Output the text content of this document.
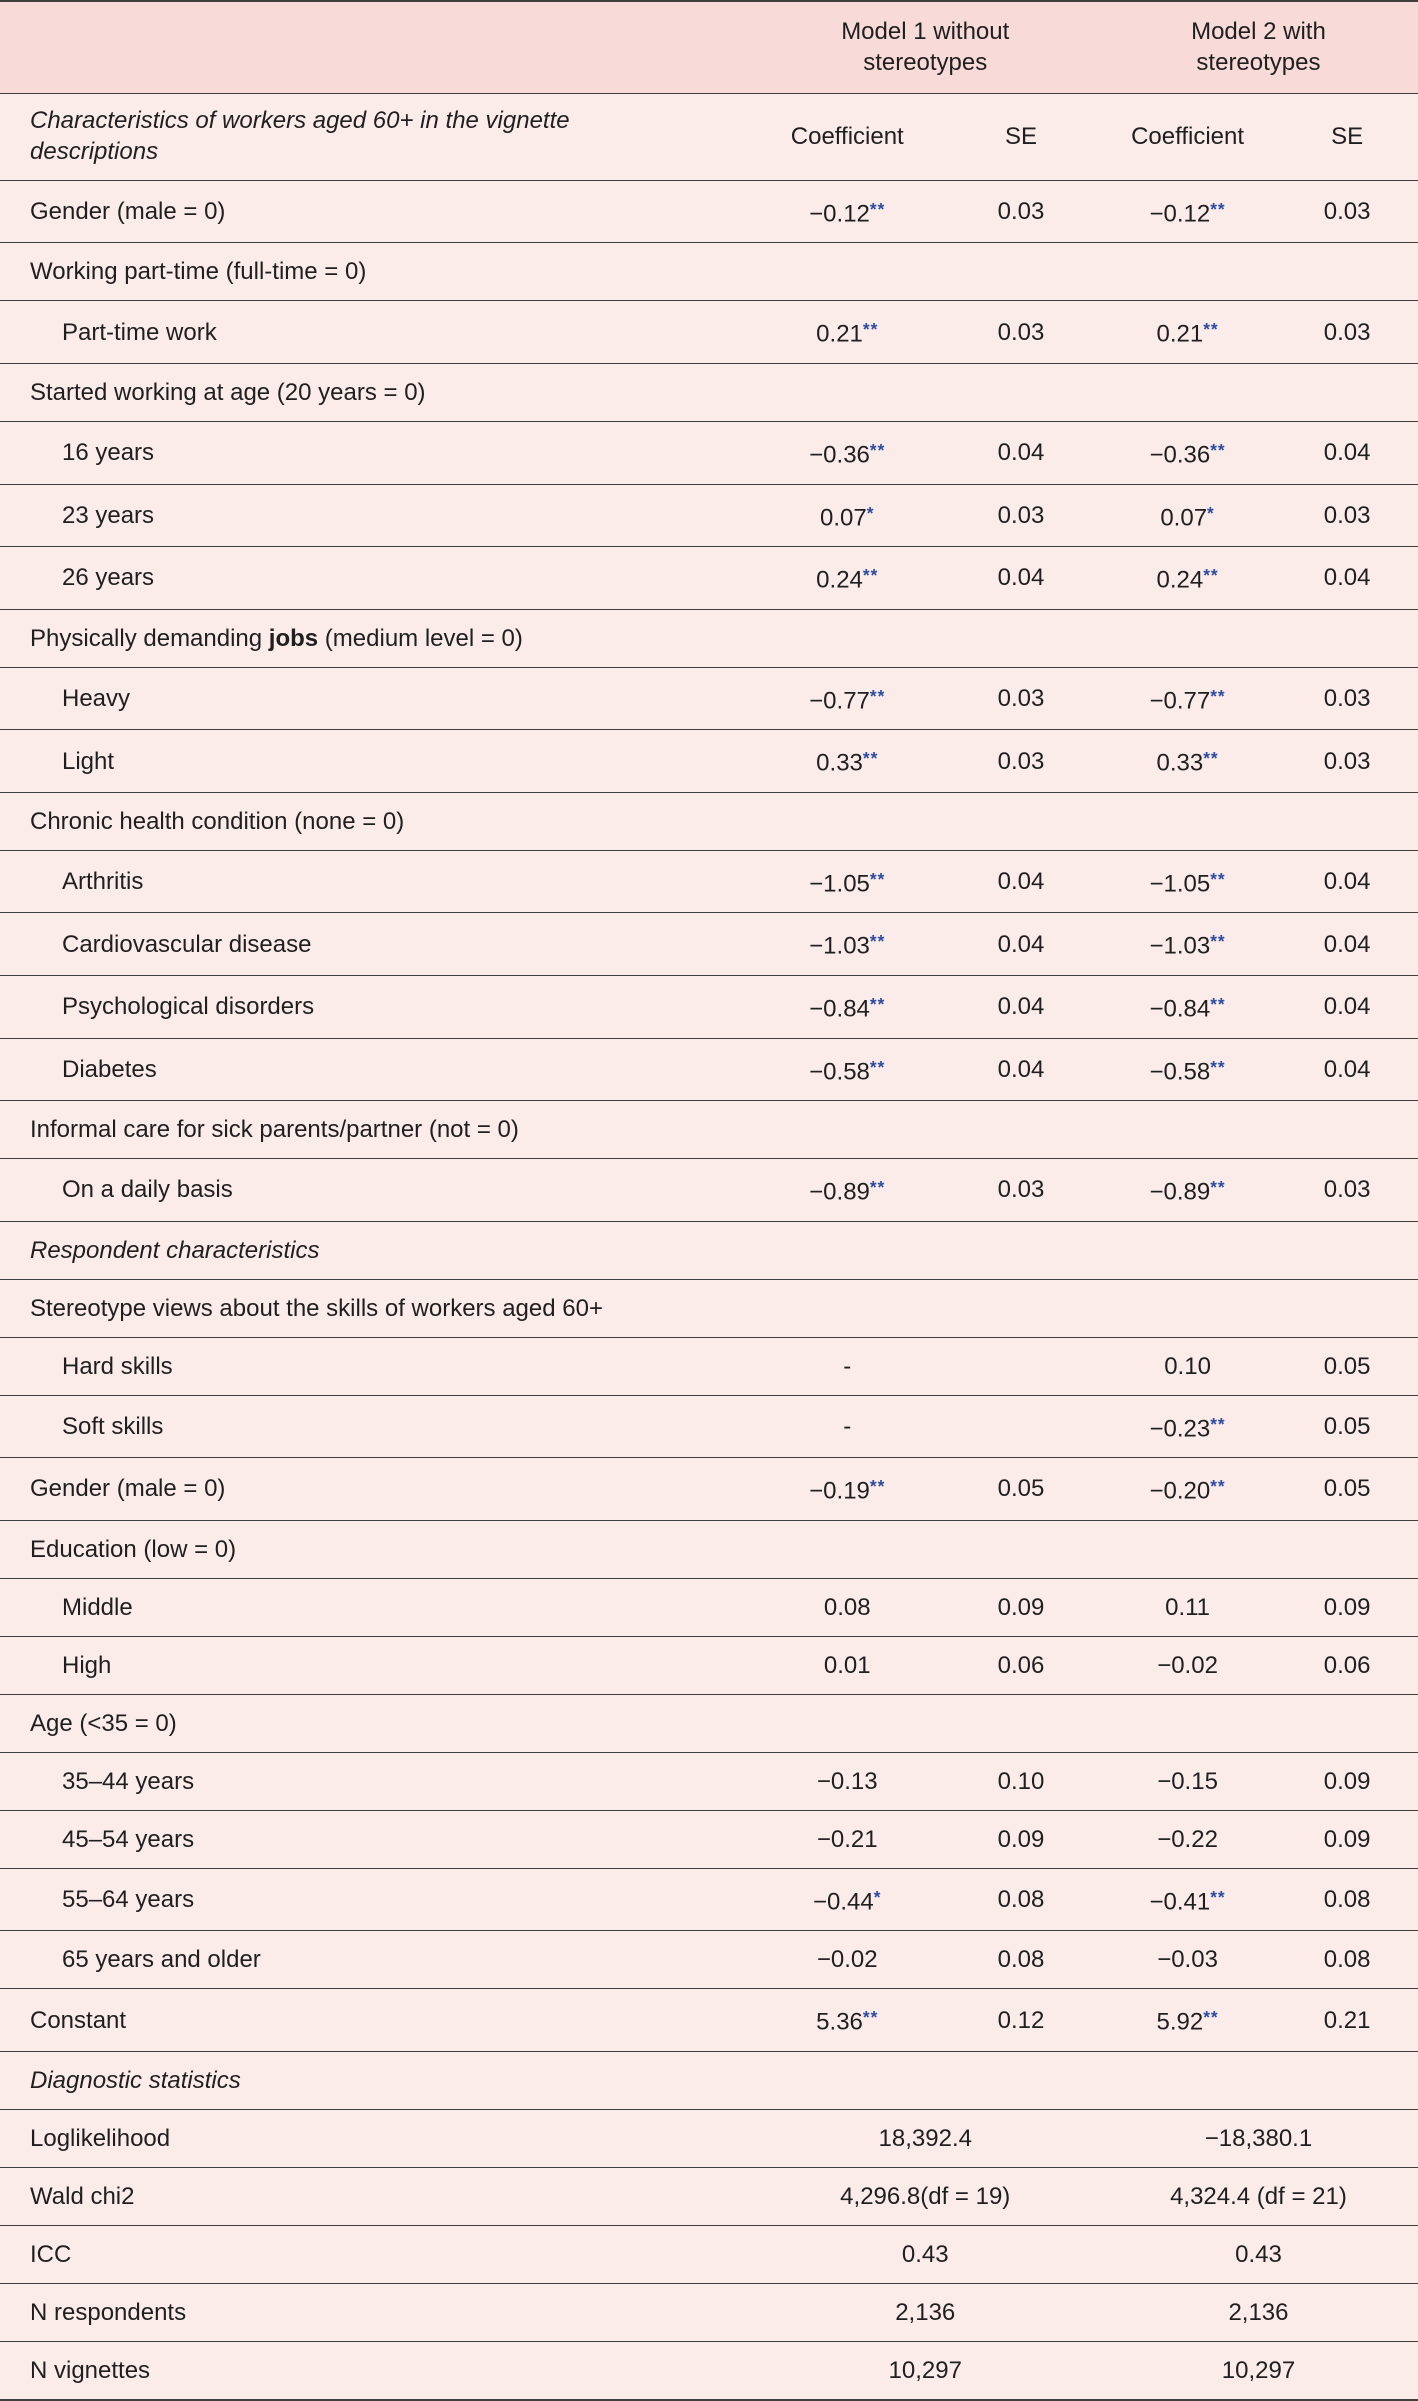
	Model 1 without stereotypes		Model 2 with stereotypes	
Characteristics of workers aged 60+ in the vignette descriptions	Coefficient	SE	Coefficient	SE
Gender (male = 0)	−0.12**	0.03	−0.12**	0.03
Working part-time (full-time = 0)				
Part-time work	0.21**	0.03	0.21**	0.03
Started working at age (20 years = 0)				
16 years	−0.36**	0.04	−0.36**	0.04
23 years	0.07*	0.03	0.07*	0.03
26 years	0.24**	0.04	0.24**	0.04
Physically demanding jobs (medium level = 0)				
Heavy	−0.77**	0.03	−0.77**	0.03
Light	0.33**	0.03	0.33**	0.03
Chronic health condition (none = 0)				
Arthritis	−1.05**	0.04	−1.05**	0.04
Cardiovascular disease	−1.03**	0.04	−1.03**	0.04
Psychological disorders	−0.84**	0.04	−0.84**	0.04
Diabetes	−0.58**	0.04	−0.58**	0.04
Informal care for sick parents/partner (not = 0)				
On a daily basis	−0.89**	0.03	−0.89**	0.03
Respondent characteristics				
Stereotype views about the skills of workers aged 60+				
Hard skills	-		0.10	0.05
Soft skills	-		−0.23**	0.05
Gender (male = 0)	−0.19**	0.05	−0.20**	0.05
Education (low = 0)				
Middle	0.08	0.09	0.11	0.09
High	0.01	0.06	−0.02	0.06
Age (<35 = 0)				
35–44 years	−0.13	0.10	−0.15	0.09
45–54 years	−0.21	0.09	−0.22	0.09
55–64 years	−0.44*	0.08	−0.41**	0.08
65 years and older	−0.02	0.08	−0.03	0.08
Constant	5.36**	0.12	5.92**	0.21
Diagnostic statistics				
Loglikelihood	18,392.4		−18,380.1	
Wald chi2	4,296.8(df = 19)		4,324.4 (df = 21)	
ICC	0.43		0.43	
N respondents	2,136		2,136	
N vignettes	10,297		10,297	
